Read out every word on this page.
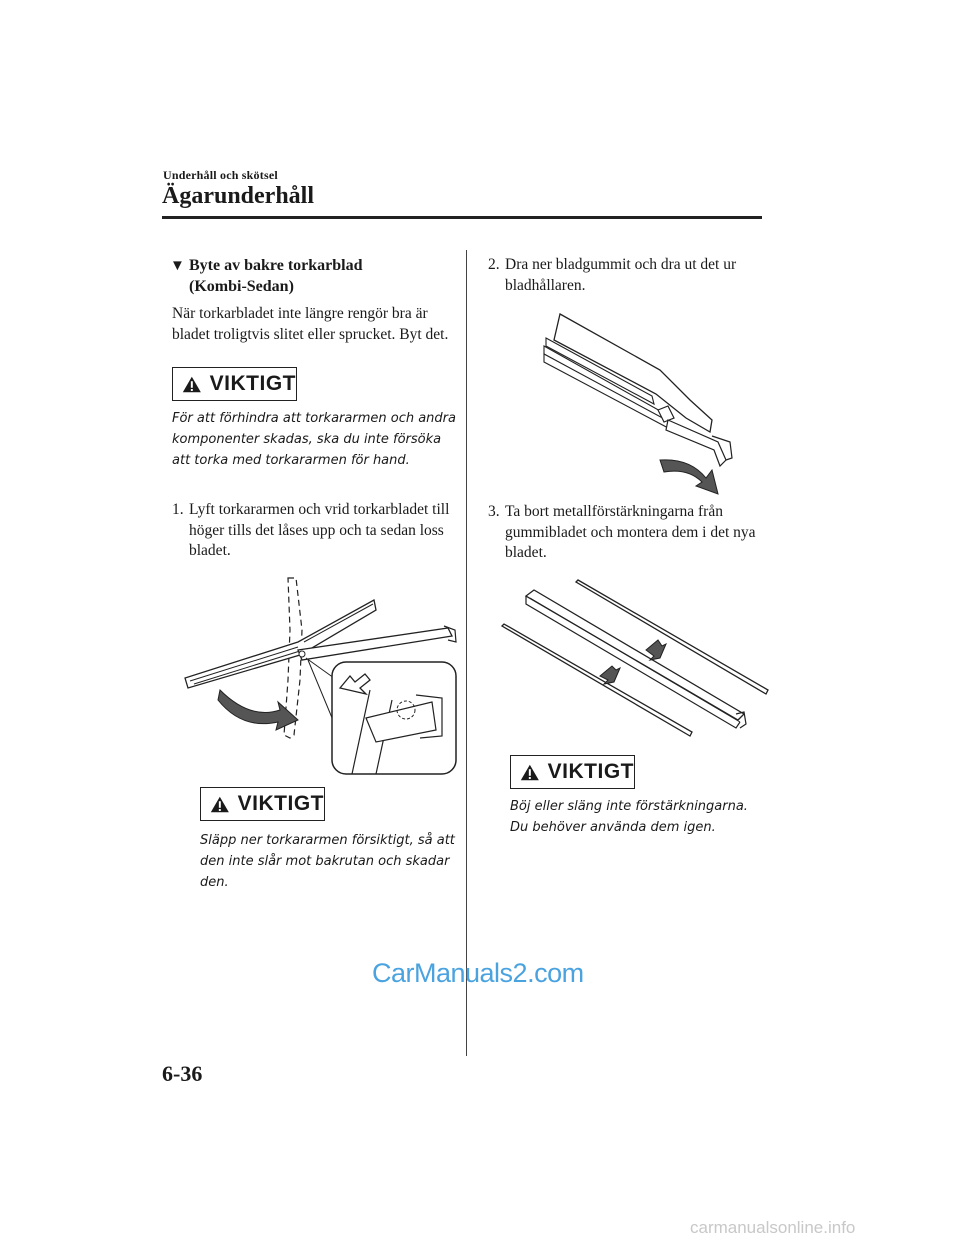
Underhåll och skötsel
Ägarunderhåll
▼ Byte av bakre torkarblad
(Kombi-Sedan)
När torkarbladet inte längre rengör bra är bladet troligtvis slitet eller sprucket. Byt det.
VIKTIGT
För att förhindra att torkararmen och andra komponenter skadas, ska du inte försöka att torka med torkararmen för hand.
1. Lyft torkararmen och vrid torkarbladet till höger tills det låses upp och ta sedan loss bladet.
VIKTIGT
Släpp ner torkararmen försiktigt, så att den inte slår mot bakrutan och skadar den.
2. Dra ner bladgummit och dra ut det ur bladhållaren.
3. Ta bort metallförstärkningarna från gummibladet och montera dem i det nya bladet.
VIKTIGT
Böj eller släng inte förstärkningarna. Du behöver använda dem igen.
CarManuals2.com
6-36
carmanualsonline.info
